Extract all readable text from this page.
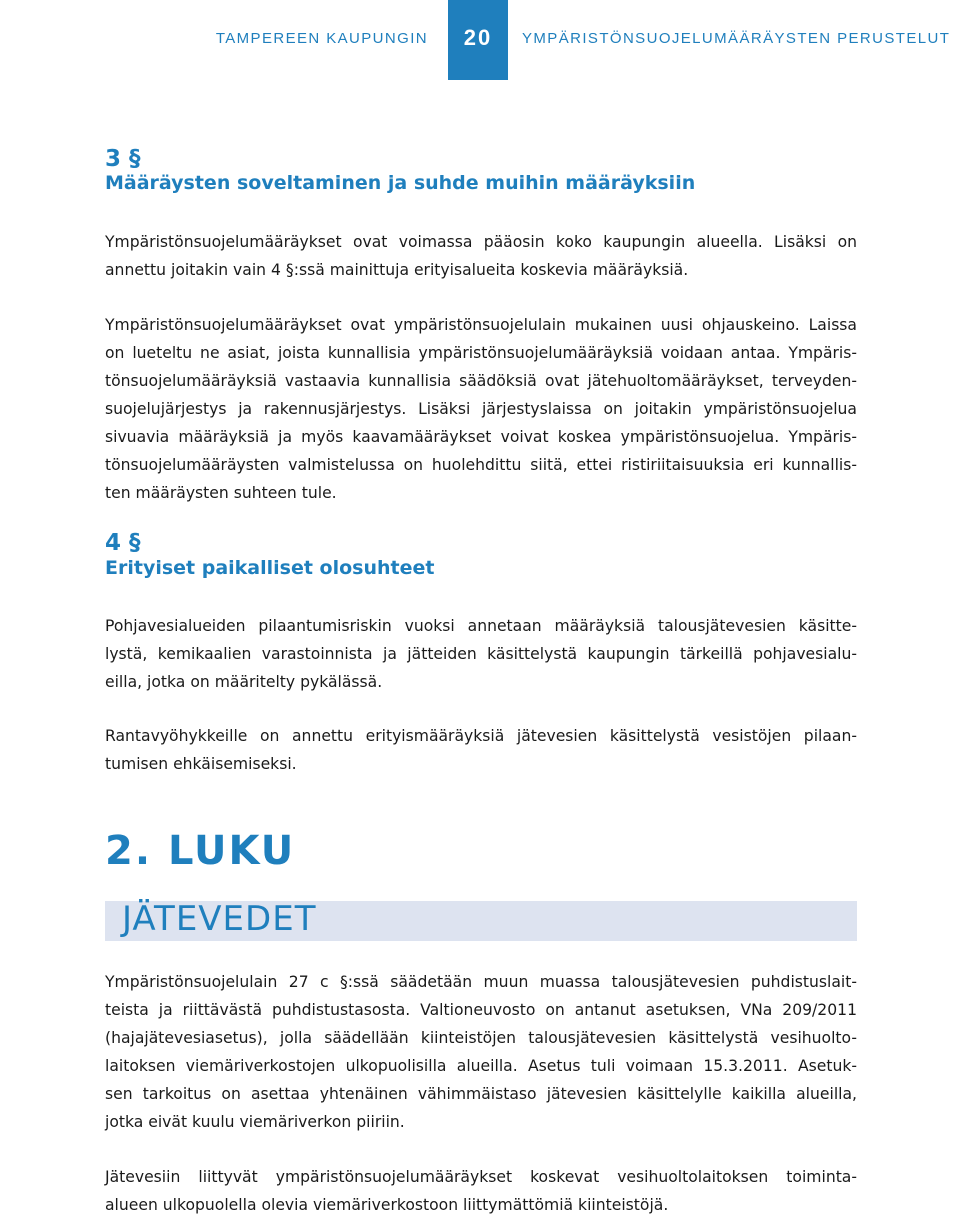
TAMPEREEN KAUPUNGIN	20	YMPÄRISTÖNSUOJELUMÄÄRÄYSTEN PERUSTELUT
3 §
Määräysten soveltaminen ja suhde muihin määräyksiin
Ympäristönsuojelumääräykset ovat voimassa pääosin koko kaupungin alueella. Lisäksi on
annettu joitakin vain 4 §:ssä mainittuja erityisalueita koskevia määräyksiä.
Ympäristönsuojelumääräykset ovat ympäristönsuojelulain mukainen uusi ohjauskeino. Laissa
on lueteltu ne asiat, joista kunnallisia ympäristönsuojelumääräyksiä voidaan antaa. Ympäris-
tönsuojelumääräyksiä vastaavia kunnallisia säädöksiä ovat jätehuoltomääräykset, terveyden-
suojelujärjestys ja rakennusjärjestys. Lisäksi järjestyslaissa on joitakin ympäristönsuojelua
sivuavia määräyksiä ja myös kaavamääräykset voivat koskea ympäristönsuojelua. Ympäris-
tönsuojelumääräysten valmistelussa on huolehdittu siitä, ettei ristiriitaisuuksia eri kunnallis-
ten määräysten suhteen tule.
4 §
Erityiset paikalliset olosuhteet
Pohjavesialueiden pilaantumisriskin vuoksi annetaan määräyksiä talousjätevesien käsitte-
lystä, kemikaalien varastoinnista ja jätteiden käsittelystä kaupungin tärkeillä pohjavesialu-
eilla, jotka on määritelty pykälässä.
Rantavyöhykkeille on annettu erityismääräyksiä jätevesien käsittelystä vesistöjen pilaan-
tumisen ehkäisemiseksi.
2. LUKU
Ympäristönsuojelulain 27 c §:ssä säädetään muun muassa talousjätevesien puhdistuslait-
teista ja riittävästä puhdistustasosta. Valtioneuvosto on antanut asetuksen, VNa 209/2011
(hajajätevesiasetus), jolla säädellään kiinteistöjen talousjätevesien käsittelystä vesihuolto-
laitoksen viemäriverkostojen ulkopuolisilla alueilla. Asetus tuli voimaan 15.3.2011. Asetuk-
sen tarkoitus on asettaa yhtenäinen vähimmäistaso jätevesien käsittelylle kaikilla alueilla,
jotka eivät kuulu viemäriverkon piiriin.
Jätevesiin liittyvät ympäristönsuojelumääräykset koskevat vesihuoltolaitoksen toiminta-
alueen ulkopuolella olevia viemäriverkostoon liittymättömiä kiinteistöjä.
JÄTEVEDET
